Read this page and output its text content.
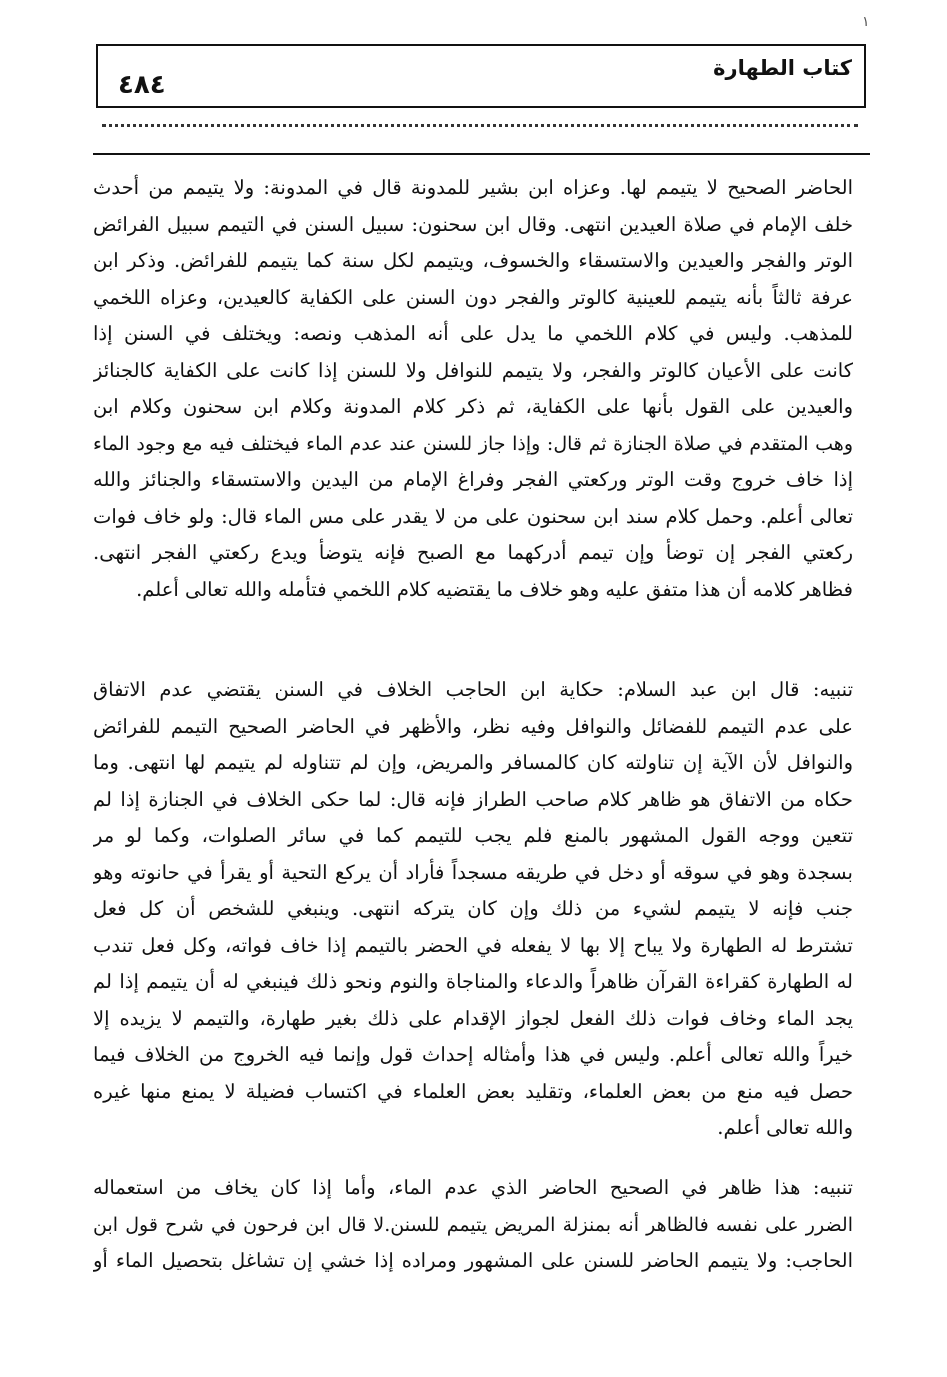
١
كتاب الطهارة
٤٨٤
الحاضر الصحيح لا يتيمم لها. وعزاه ابن بشير للمدونة قال في المدونة: ولا يتيمم من أحدث
خلف الإمام في صلاة العيدين انتهى. وقال ابن سحنون: سبيل السنن في التيمم سبيل الفرائض
الوتر والفجر والعيدين والاستسقاء والخسوف، ويتيمم لكل سنة كما يتيمم للفرائض. وذكر ابن
عرفة ثالثاً بأنه يتيمم للعينية كالوتر والفجر دون السنن على الكفاية كالعيدين، وعزاه اللخمي
للمذهب. وليس في كلام اللخمي ما يدل على أنه المذهب ونصه: ويختلف في السنن إذا
كانت على الأعيان كالوتر والفجر، ولا يتيمم للنوافل ولا للسنن إذا كانت على الكفاية كالجنائز
والعيدين على القول بأنها على الكفاية، ثم ذكر كلام المدونة وكلام ابن سحنون وكلام ابن
وهب المتقدم في صلاة الجنازة ثم قال: وإذا جاز للسنن عند عدم الماء فيختلف فيه مع وجود الماء
إذا خاف خروج وقت الوتر وركعتي الفجر وفراغ الإمام من اليدين والاستسقاء والجنائز والله
تعالى أعلم. وحمل كلام سند ابن سحنون على من لا يقدر على مس الماء قال: ولو خاف فوات
ركعتي الفجر إن توضأ وإن تيمم أدركهما مع الصبح فإنه يتوضأ ويدع ركعتي الفجر انتهى.
فظاهر كلامه أن هذا متفق عليه وهو خلاف ما يقتضيه كلام اللخمي فتأمله والله تعالى أعلم.
تنبيه: قال ابن عبد السلام: حكاية ابن الحاجب الخلاف في السنن يقتضي عدم الاتفاق
على عدم التيمم للفضائل والنوافل وفيه نظر، والأظهر في الحاضر الصحيح التيمم للفرائض
والنوافل لأن الآية إن تناولته كان كالمسافر والمريض، وإن لم تتناوله لم يتيمم لها انتهى. وما
حكاه من الاتفاق هو ظاهر كلام صاحب الطراز فإنه قال: لما حكى الخلاف في الجنازة إذا لم
تتعين ووجه القول المشهور بالمنع فلم يجب للتيمم كما في سائر الصلوات، وكما لو مر
بسجدة وهو في سوقه أو دخل في طريقه مسجداً فأراد أن يركع التحية أو يقرأ في حانوته وهو
جنب فإنه لا يتيمم لشيء من ذلك وإن كان يتركه انتهى. وينبغي للشخص أن كل فعل
تشترط له الطهارة ولا يباح إلا بها لا يفعله في الحضر بالتيمم إذا خاف فواته، وكل فعل تندب
له الطهارة كقراءة القرآن ظاهراً والدعاء والمناجاة والنوم ونحو ذلك فينبغي له أن يتيمم إذا لم
يجد الماء وخاف فوات ذلك الفعل لجواز الإقدام على ذلك بغير طهارة، والتيمم لا يزيده إلا
خيراً والله تعالى أعلم. وليس في هذا وأمثاله إحداث قول وإنما فيه الخروج من الخلاف فيما
حصل فيه منع من بعض العلماء، وتقليد بعض العلماء في اكتساب فضيلة لا يمنع منها غيره
والله تعالى أعلم.
تنبيه: هذا ظاهر في الصحيح الحاضر الذي عدم الماء، وأما إذا كان يخاف من استعماله
الضرر على نفسه فالظاهر أنه بمنزلة المريض يتيمم للسنن.لا قال ابن فرحون في شرح قول ابن
الحاجب: ولا يتيمم الحاضر للسنن على المشهور ومراده إذا خشي إن تشاغل بتحصيل الماء أو
